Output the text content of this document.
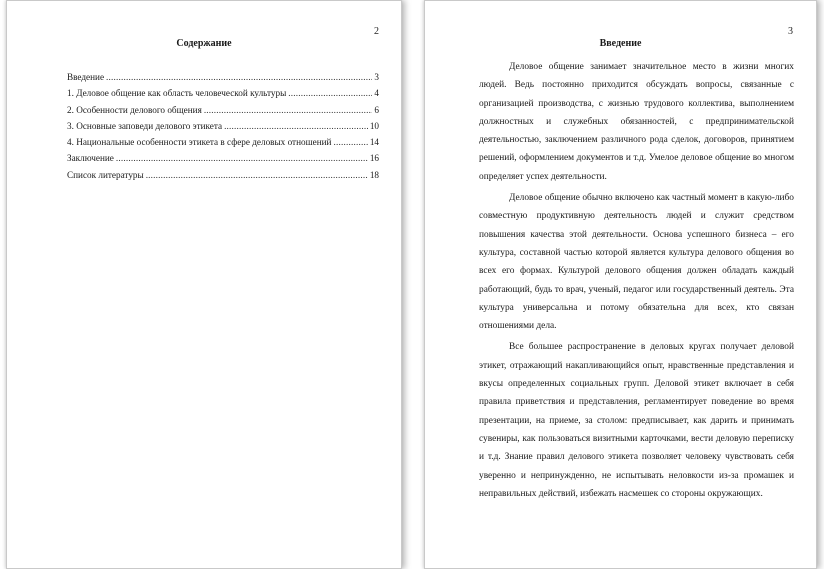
2
Содержание
Введение .....	3
1. Деловое общение как область человеческой культуры .....	4
2. Особенности делового общения .....	6
3. Основные заповеди делового этикета .....	10
4. Национальные особенности этикета в сфере деловых отношений .....	14
Заключение .....	16
Список литературы .....	18
3
Введение

Деловое общение занимает значительное место в жизни многих людей. Ведь постоянно приходится обсуждать вопросы, связанные с организацией производства, с жизнью трудового коллектива, выполнением должностных и служебных обязанностей, с предпринимательской деятельностью, заключением различного рода сделок, договоров, принятием решений, оформлением документов и т.д. Умелое деловое общение во многом определяет успех деятельности.

Деловое общение обычно включено как частный момент в какую-либо совместную продуктивную деятельность людей и служит средством повышения качества этой деятельности. Основа успешного бизнеса – его культура, составной частью которой является культура делового общения во всех его формах. Культурой делового общения должен обладать каждый работающий, будь то врач, ученый, педагог или государственный деятель. Эта культура универсальна и потому обязательна для всех, кто связан отношениями дела.

Все большее распространение в деловых кругах получает деловой этикет, отражающий накапливающийся опыт, нравственные представления и вкусы определенных социальных групп. Деловой этикет включает в себя правила приветствия и представления, регламентирует поведение во время презентации, на приеме, за столом: предписывает, как дарить и принимать сувениры, как пользоваться визитными карточками, вести деловую переписку и т.д. Знание правил делового этикета позволяет человеку чувствовать себя уверенно и непринужденно, не испытывать неловкости из-за промашек и неправильных действий, избежать насмешек со стороны окружающих.
